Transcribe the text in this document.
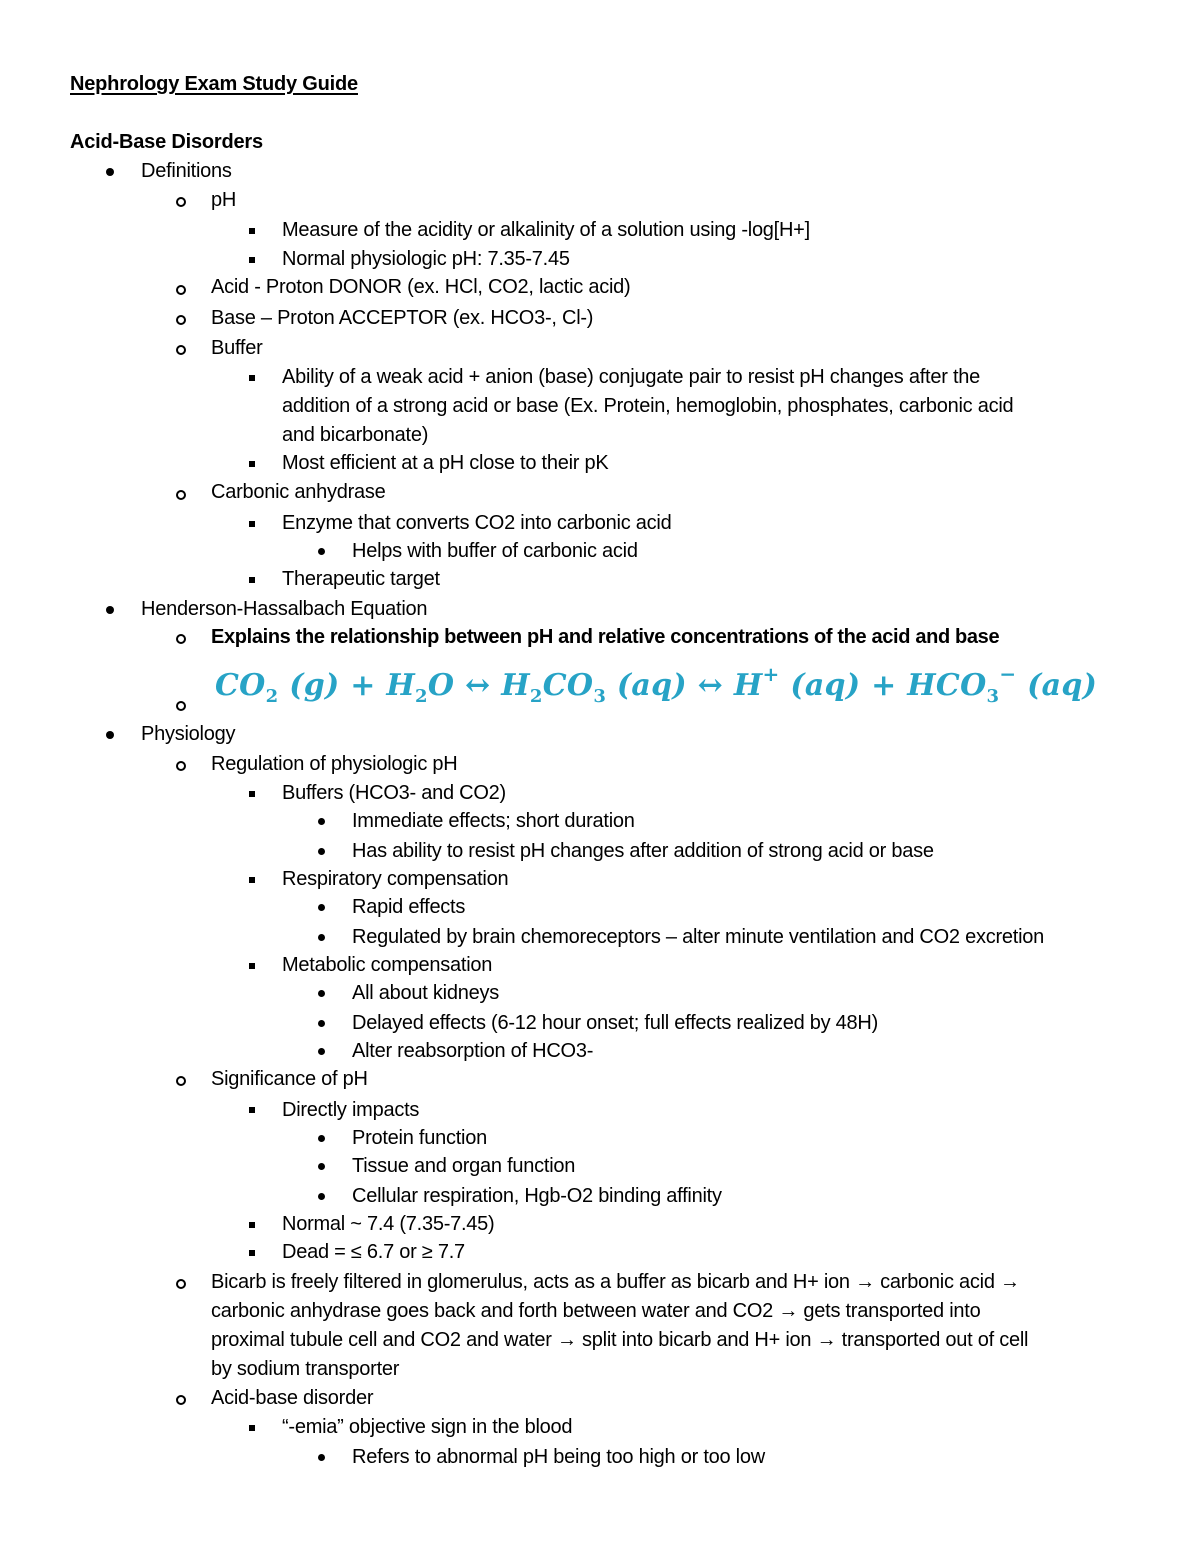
Nephrology Exam Study Guide
Acid-Base Disorders
Definitions
pH
Measure of the acidity or alkalinity of a solution using -log[H+]
Normal physiologic pH: 7.35-7.45
Acid - Proton DONOR (ex. HCl, CO2, lactic acid)
Base – Proton ACCEPTOR (ex. HCO3-, Cl-)
Buffer
Ability of a weak acid + anion (base) conjugate pair to resist pH changes after the
addition of a strong acid or base (Ex. Protein, hemoglobin, phosphates, carbonic acid
and bicarbonate)
Most efficient at a pH close to their pK
Carbonic anhydrase
Enzyme that converts CO2 into carbonic acid
Helps with buffer of carbonic acid
Therapeutic target
Henderson-Hassalbach Equation
Explains the relationship between pH and relative concentrations of the acid and base
$CO_2$ $(g) + H_2O$ ↔ $H_2CO_3$ (aq) ↔ H+ $(aq) + HCO_3^-$ (aq)
Physiology
Regulation of physiologic pH
Buffers (HCO3- and CO2)
Immediate effects; short duration
Has ability to resist pH changes after addition of strong acid or base
Respiratory compensation
Rapid effects
Regulated by brain chemoreceptors – alter minute ventilation and CO2 excretion
Metabolic compensation
All about kidneys
Delayed effects (6-12 hour onset; full effects realized by 48H)
Alter reabsorption of HCO3-
Significance of pH
Directly impacts
Protein function
Tissue and organ function
Cellular respiration, Hgb-O2 binding affinity
Normal ~ 7.4 (7.35-7.45)
Dead = ≤ 6.7 or ≥ 7.7
Bicarb is freely filtered in glomerulus, acts as a buffer as bicarb and H+ ion → carbonic acid →
carbonic anhydrase goes back and forth between water and CO2 → gets transported into
proximal tubule cell and CO2 and water → split into bicarb and H+ ion → transported out of cell
by sodium transporter
Acid-base disorder
“-emia” objective sign in the blood
Refers to abnormal pH being too high or too low
